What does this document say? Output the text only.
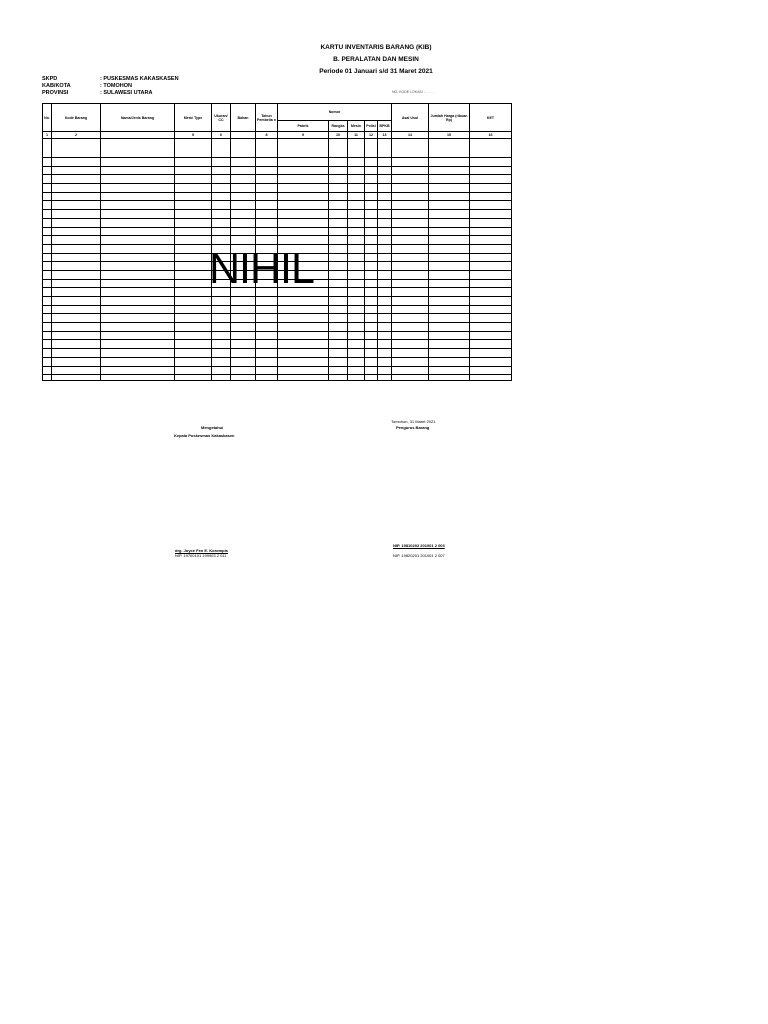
KARTU INVENTARIS BARANG (KIB)
B. PERALATAN DAN MESIN
Periode 01 Januari s/d 31 Maret 2021
SKPD	: PUSKESMAS KAKASKASEN
KAB/KOTA	: TOMOHON
PROVINSI	: SULAWESI UTARA	NO. KODE LOKASI : . . . . . .
No.	Kode Barang	Nama/Jenis Barang	Merk/ Type	Ukuran/ CC	Bahan	Tahun Pembelia n	Nomor					Asal Usul	Jumlah Harga (ribuan Rp)	KET
							Pabrik	Rangka	Mesin	Polisi	BPKB			
1	2		5	6		8	9	10	11	12	13	14	15	16

NIHIL
Tomohon, 31 Maret 2021
Mengetahui	Pengurus Barang
Kepala Puskesmas Kakaskasen
drg. Joyce Fen E. Korompis
NIP. 19700101 199903 2 011
NIP. 19810202 201001 2 003
NIP. 19820201 201001 2 007
